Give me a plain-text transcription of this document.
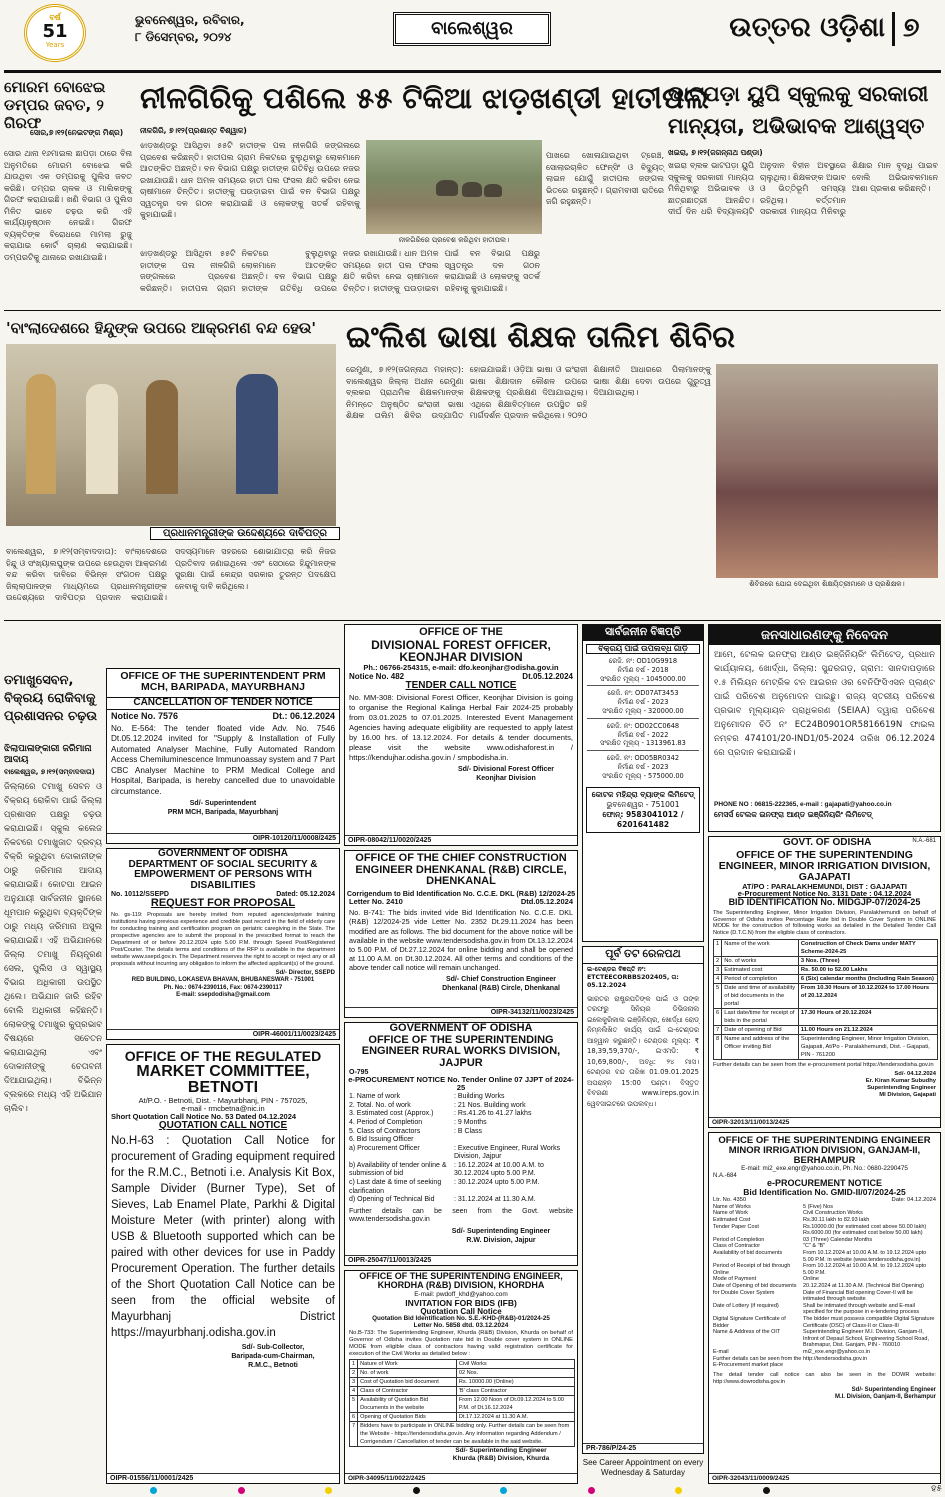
ବର୍ଷ
51
Years
ଭୁବନେଶ୍ୱର, ରବିବାର,
୮ ଡିସେମ୍ବର, ୨୦୨୪	ବାଲେଶ୍ୱର	ଉତ୍ତର ଓଡ଼ିଶା ୭
ମୋରମ ବୋଝେଇ ଡମ୍ପର ଜବତ, ୨ ଗିରଫ
ସୋର,୭।୧୨(ନେଇଟଙ୍ଗ ମିଶ୍ର)
ସୋର ଥାନା ୧୬ମାଇଲ ଛାପଡ଼ା ଠାରେ ବିନା ଅନୁମତିରେ ମୋରମ ବୋଝେଇ କରି ଯାଉଥିବା ଏକ ଡମ୍ପରକୁ ପୁଲିସ ଜବତ କରିଛି। ଡମ୍ପର ଚାଳକ ଓ ମାଲିକଙ୍କୁ ଗିରଫ କରାଯାଇଛି। ଖଣି ବିଭାଗ ଓ ପୁଲିସ ମିଳିତ ଭାବେ ଚଢ଼ଉ କରି ଏହି କାର୍ଯ୍ୟାନୁଷ୍ଠାନ ନେଇଛି। ଗିରଫ ବ୍ୟକ୍ତିଙ୍କ ବିରୋଧରେ ମାମଲା ରୁଜୁ କରାଯାଇ କୋର୍ଟ ଚାଲାଣ କରାଯାଇଛି। ଡମ୍ପରଟିକୁ ଥାନାରେ ରଖାଯାଇଛି।
ନୀଳଗିରିକୁ ପଶିଲେ ୫୫ ଟିକିଆ ଝାଡ଼ଖଣ୍ଡୀ ହାତୀପଲ
ନୀଳଗିରି, ୭।୧୨(ପ୍ରଶାନ୍ତ ବିଶ୍ୱାଳ)
ଝାଡ଼ଖଣ୍ଡରୁ ଆସିଥିବା ୫୫ଟି ହାତୀଙ୍କ ପଲ ନୀଳଗିରି ଜଙ୍ଗଲରେ ପ୍ରବେଶ କରିଛନ୍ତି। ହାତୀପଲ ଗ୍ରାମ ନିକଟରେ ବୁଲୁଥିବାରୁ ଲୋକମାନେ ଆତଙ୍କିତ ଅଛନ୍ତି। ବନ ବିଭାଗ ପକ୍ଷରୁ ହାତୀଙ୍କ ଗତିବିଧି ଉପରେ ନଜର ରଖାଯାଉଛି। ଧାନ ଅମଳ ସମୟରେ ହାତୀ ପଲ ଫସଲ କ୍ଷତି କରିବା ନେଇ ଚାଷୀମାନେ ଚିନ୍ତିତ। ହାତୀଙ୍କୁ ଘଉଡ଼ାଇବା ପାଇଁ ବନ ବିଭାଗ ପକ୍ଷରୁ ସ୍ୱତନ୍ତ୍ର ଦଳ ଗଠନ କରାଯାଇଛି ଓ ଲୋକଙ୍କୁ ସତର୍କ ରହିବାକୁ କୁହାଯାଇଛି।
ନୀଳଗିରିରେ ପ୍ରବେଶ କରିଥିବା ହାତୀପଲ।
ଝାଡ଼ଖଣ୍ଡରୁ ଆସିଥିବା ୫୫ଟି ହାତୀଙ୍କ ପଲ ନୀଳଗିରି ଜଙ୍ଗଲରେ ପ୍ରବେଶ କରିଛନ୍ତି। ହାତୀପଲ ଗ୍ରାମ ନିକଟରେ ବୁଲୁଥିବାରୁ ଲୋକମାନେ ଆତଙ୍କିତ ଅଛନ୍ତି। ବନ ବିଭାଗ ପକ୍ଷରୁ ହାତୀଙ୍କ ଗତିବିଧି ଉପରେ ନଜର ରଖାଯାଉଛି। ଧାନ ଅମଳ ସମୟରେ ହାତୀ ପଲ ଫସଲ କ୍ଷତି କରିବା ନେଇ ଚାଷୀମାନେ ଚିନ୍ତିତ। ହାତୀଙ୍କୁ ଘଉଡ଼ାଇବା ପାଇଁ ବନ ବିଭାଗ ପକ୍ଷରୁ ସ୍ୱତନ୍ତ୍ର ଦଳ ଗଠନ କରାଯାଇଛି ଓ ଲୋକଙ୍କୁ ସତର୍କ ରହିବାକୁ କୁହାଯାଇଛି।
ପାଖରେ ଖୋଳାଯାଇଥିବା ଟ୍ରେଞ୍ଚ, ସୋଲାରଚାଳିତ ଫେନ୍ସିଂ ଓ ବିଦ୍ୟୁତ୍ ଲାଇନ ଯୋଗୁଁ ହାତୀପଲ ଜଙ୍ଗଲ ଭିତରେ ରହୁଛନ୍ତି। ଗ୍ରାମବାସୀ ରାତିରେ ଜଗି ରହୁଛନ୍ତି।
ଭାଟପଡ଼ା ୟୁପି ସ୍କୁଲକୁ ସରକାରୀ ମାନ୍ୟତା, ଅଭିଭାବକ ଆଶ୍ୱସ୍ତ
ଖଇରା, ୭।୧୨(ଜଗନ୍ନାଥ ପଣ୍ଡା)
ଖଇରା ବ୍ଲକ ଭାଟପଡ଼ା ୟୁପି ସ୍କୁଲକୁ ସରକାରୀ ମାନ୍ୟତା ମିଳିଥିବାରୁ ଅଭିଭାବକ ଓ ଛାତ୍ରଛାତ୍ରୀ ଆନନ୍ଦିତ। ଦୀର୍ଘ ଦିନ ଧରି ବିଦ୍ୟାଳୟଟି ଅନୁଦାନ ବିହୀନ ଅବସ୍ଥାରେ ଚାଲୁଥିଲା। ଶିକ୍ଷକଙ୍କ ଅଭାବ ଓ ଭିତ୍ତିଭୂମି ସମସ୍ୟା ରହିଥିଲା। ବର୍ତ୍ତମାନ ସରକାରୀ ମାନ୍ୟତା ମିଳିବାରୁ ଶିକ୍ଷାର ମାନ ବୃଦ୍ଧି ପାଇବ ବୋଲି ଅଭିଭାବକମାନେ ଆଶା ପ୍ରକାଶ କରିଛନ୍ତି।
'ବାଂଲାଦେଶରେ ହିନ୍ଦୁଙ୍କ ଉପରେ ଆକ୍ରମଣ ବନ୍ଦ ହେଉ'
ପ୍ରଧାନମନ୍ତ୍ରୀଙ୍କ ଉଦ୍ଦେଶ୍ୟରେ ଦାବିପତ୍ର
ବାଲେଶ୍ୱର, ୭।୧୨(ସମ୍ବାଦଦାତା): ବାଂଲାଦେଶରେ ହିନ୍ଦୁ ଓ ସଂଖ୍ୟାଲଘୁଙ୍କ ଉପରେ ହେଉଥିବା ଆକ୍ରମଣ ବନ୍ଦ କରିବା ଦାବିରେ ବିଭିନ୍ନ ସଂଗଠନ ପକ୍ଷରୁ ଜିଲ୍ଲାପାଳଙ୍କ ମାଧ୍ୟମରେ ପ୍ରଧାନମନ୍ତ୍ରୀଙ୍କ ଉଦ୍ଦେଶ୍ୟରେ ଦାବିପତ୍ର ପ୍ରଦାନ କରାଯାଇଛି। ସଦସ୍ୟମାନେ ସହରରେ ଶୋଭାଯାତ୍ରା କରି ନିଜର ପ୍ରତିବାଦ ଜଣାଇଥିଲେ ଏବଂ ସେଠାରେ ହିନ୍ଦୁମାନଙ୍କ ସୁରକ୍ଷା ପାଇଁ କେନ୍ଦ୍ର ସରକାର ତୁରନ୍ତ ପଦକ୍ଷେପ ନେବାକୁ ଦାବି କରିଥିଲେ।
ଇଂଲିଶ ଭାଷା ଶିକ୍ଷକ ତାଲିମ ଶିବିର
ରେମୁଣା, ୭।୧୨(ଜଗନ୍ନାଥ ମହାନ୍ତ): ବାଲେଶ୍ୱର ଜିଲ୍ଲା ଅଧୀନ ରେମୁଣା ବ୍ଲକର ପ୍ରାଥମିକ ଶିକ୍ଷକମାନଙ୍କ ନିମନ୍ତେ ଅନୁଷ୍ଠିତ ଇଂରାଜୀ ଭାଷା ଶିକ୍ଷକ ତାଲିମ ଶିବିର ଉଦ୍‌ଯାପିତ ହୋଇଯାଇଛି। ଓଡ଼ିଆ ଭାଷା ଓ ଇଂରାଜୀ ଭାଷା ଶିକ୍ଷାଦାନ କୌଶଳ ଉପରେ ଶିକ୍ଷକଙ୍କୁ ପ୍ରଶିକ୍ଷଣ ଦିଆଯାଇଥିଲା। ଏଥିରେ ଶିକ୍ଷାବିତ୍‌ମାନେ ଉପସ୍ଥିତ ରହି ମାର୍ଗଦର୍ଶନ ପ୍ରଦାନ କରିଥିଲେ। ୨୦୨୦ ଶିକ୍ଷାନୀତି ଆଧାରରେ ପିଲାମାନଙ୍କୁ ଭାଷା ଶିକ୍ଷା ଦେବା ଉପରେ ଗୁରୁତ୍ୱ ଦିଆଯାଇଥିଲା।
ଶିବିରରେ ଯୋଗ ଦେଇଥିବା ଶିକ୍ଷୟିତ୍ରୀମାନେ ଓ ପ୍ରଶିକ୍ଷକ।
ତମାଖୁସେବନ, ବିକ୍ରୟ ରୋକିବାକୁ ପ୍ରଶାସନର ଚଢ଼ଉ
ଝିଲାପାଳାଙ୍କାରୀ ଜରିମାନା ଆଦାୟ
ବାଲେଶ୍ୱର, ୭।୧୨(ସମ୍ବାଦଦାତା)
ଜିଲ୍ଲାରେ ତମାଖୁ ସେବନ ଓ ବିକ୍ରୟ ରୋକିବା ପାଇଁ ଜିଲ୍ଲା ପ୍ରଶାସନ ପକ୍ଷରୁ ଚଢ଼ଉ କରାଯାଇଛି। ସ୍କୁଲ କଲେଜ ନିକଟରେ ତମାଖୁଜାତ ଦ୍ରବ୍ୟ ବିକ୍ରି କରୁଥିବା ଦୋକାନୀଙ୍କ ଠାରୁ ଜରିମାନା ଆଦାୟ କରାଯାଇଛି। କୋଟପା ଆଇନ ଅନୁଯାୟୀ ସାର୍ବଜନୀନ ସ୍ଥାନରେ ଧୂମପାନ କରୁଥିବା ବ୍ୟକ୍ତିଙ୍କ ଠାରୁ ମଧ୍ୟ ଜରିମାନା ଅସୁଲ କରାଯାଇଛି। ଏହି ଅଭିଯାନରେ ଜିଲ୍ଲା ତମାଖୁ ନିୟନ୍ତ୍ରଣ ସେଲ, ପୁଲିସ ଓ ସ୍ୱାସ୍ଥ୍ୟ ବିଭାଗ ଅଧିକାରୀ ଉପସ୍ଥିତ ଥିଲେ। ଅଭିଯାନ ଜାରି ରହିବ ବୋଲି ଅଧିକାରୀ କହିଛନ୍ତି। ଲୋକଙ୍କୁ ତମାଖୁର କୁପ୍ରଭାବ ବିଷୟରେ ସଚେତନ କରାଯାଇଥିଲା ଏବଂ ଦୋକାନୀଙ୍କୁ ଚେତାବନୀ ଦିଆଯାଇଥିଲା। ବିଭିନ୍ନ ବ୍ଲକରେ ମଧ୍ୟ ଏହି ଅଭିଯାନ ଚାଲିବ।
OFFICE OF THE SUPERINTENDENT PRM MCH, BARIPADA, MAYURBHANJ
CANCELLATION OF TENDER NOTICE
Notice No. 7576	Dt.: 06.12.2024
No. E-564: The tender floated vide Adv. No. 7546 Dt.05.12.2024 invited for "Supply & Installation of Fully Automated Analyser Machine, Fully Automated Random Access Chemiluminescence Immunoassay system and 7 Part CBC Analyser Machine to PRM Medical College and Hospital, Baripada, is hereby cancelled due to unavoidable circumstance.
Sd/- Superintendent
PRM MCH, Baripada, Mayurbhanj
OIPR-10120/11/0008/2425
GOVERNMENT OF ODISHA
DEPARTMENT OF SOCIAL SECURITY & EMPOWERMENT OF PERSONS WITH DISABILITIES
No. 10112/SSEPD	Dated: 05.12.2024
REQUEST FOR PROPOSAL
No. gs-119: Proposals are hereby invited from reputed agencies/private training institutions having previous experience and credible past record in the field of elderly care for conducting training and certification program on geriatric caregiving in the State. The prospective agencies are to submit the proposal in the prescribed format to reach the Department of or before 20.12.2024 upto 5.00 P.M. through Speed Post/Registered Post/Courier. The details terms and conditions of the RFP is available in the department website www.ssepd.gov.in. The Department reserves the right to accept or reject any or all proposals without incurring any obligation to inform the affected applicant(s) of the ground.
Sd/- Director, SSEPD
RED BUILDING, LOKASEVA BHAVAN, BHUBANESWAR - 751001
Ph. No.: 0674-2390116, Fax: 0674-2390117
E-mail: ssepdodisha@gmail.com
OIPR-46001/11/0023/2425
OFFICE OF THE REGULATED
MARKET COMMITTEE, BETNOTI
At/P.O. - Betnoti, Dist. - Mayurbhanj, PIN - 757025,
e-mail - rmcbetna@nic.in
Short Quotation Call Notice No. 53 Dated 04.12.2024
QUOTATION CALL NOTICE
No.H-63 : Quotation Call Notice for procurement of Grading equipment required for the R.M.C., Betnoti i.e. Analysis Kit Box, Sample Divider (Burner Type), Set of Sieves, Lab Enamel Plate, Parkhi & Digital Moisture Meter (with printer) along with USB & Bluetooth supported which can be paired with other devices for use in Paddy Procurement Operation. The further details of the Short Quotation Call Notice can be seen from the official website of Mayurbhanj District https://mayurbhanj.odisha.gov.in
Sd/- Sub-Collector,
Baripada-cum-Chairman,
R.M.C., Betnoti
OIPR-01556/11/0001/2425
OFFICE OF THE
DIVISIONAL FOREST OFFICER, KEONJHAR DIVISION
Ph.: 06766-254315, e-mail: dfo.keonjhar@odisha.gov.in
Notice No. 482	Dt.05.12.2024
TENDER CALL NOTICE
No. MM-308: Divisional Forest Officer, Keonjhar Division is going to organise the Regional Kalinga Herbal Fair 2024-25 probably from 03.01.2025 to 07.01.2025. Interested Event Management Agencies having adequate eligibility are requested to apply latest by 16.00 hrs. of 13.12.2024. For details & tender documents, please visit the website www.odishaforest.in / https://kendujhar.odisha.gov.in / smpbodisha.in.
Sd/- Divisional Forest Officer
Keonjhar Division
OIPR-08042/11/0020/2425
OFFICE OF THE CHIEF CONSTRUCTION ENGINEER DHENKANAL (R&B) CIRCLE, DHENKANAL
Corrigendum to Bid Identification No. C.C.E. DKL (R&B) 12/2024-25
Letter No. 2410	Dtd.05.12.2024
No. B-741: The bids invited vide Bid Identification No. C.C.E. DKL (R&B) 12/2024-25 vide Letter No. 2352 Dt.29.11.2024 has been modified are as follows. The bid document for the above notice will be available in the website www.tendersodisha.gov.in from Dt.13.12.2024 to 5.00 P.M. of Dt.27.12.2024 for online bidding and shall be opened at 11.00 A.M. on Dt.30.12.2024. All other terms and conditions of the above tender call notice will remain unchanged.
Sd/- Chief Construction Engineer
Dhenkanal (R&B) Circle, Dhenkanal
OIPR-34132/11/0023/2425
GOVERNMENT OF ODISHA
OFFICE OF THE SUPERINTENDING ENGINEER RURAL WORKS DIVISION, JAJPUR
O-795
e-PROCUREMENT NOTICE No. Tender Online 07 JJPT of 2024-25
1. Name of work	: Building Works
2. Total. No. of work	: 21 Nos. Building work
3. Estimated cost (Approx.)	: Rs.41.26 to 41.27 lakhs
4. Period of Completion	: 9 Months
5. Class of Contractors	: B Class
6. Bid Issuing Officer
a) Procurement Officer	: Executive Engineer, Rural Works Division, Jajpur
b) Availability of tender online & submission of bid
: 16.12.2024 at 10.00 A.M. to 30.12.2024 upto 5.00 P.M.
c) Last date & time of seeking clarification
: 30.12.2024 upto 5.00 P.M.
d) Opening of Technical Bid	: 31.12.2024 at 11.30 A.M.
Further details can be seen from the Govt. website www.tendersodisha.gov.in
Sd/- Superintending Engineer
R.W. Division, Jajpur
OIPR-25047/11/0013/2425
OFFICE OF THE SUPERINTENDING ENGINEER, KHORDHA (R&B) DIVISION, KHORDHA
E-mail: pwdoff_khd@yahoo.com
INVITATION FOR BIDS (IFB)
Quotation Call Notice
Quotation Bid Identification No. S.E.-KHD-(R&B)-01/2024-25
Letter No. 5858 dtd. 03.12.2024
No.B-733: The Superintending Engineer, Khurda (R&B) Division, Khurda on behalf of Governor of Odisha invites Quotation rate bid in Double cover system in ONLINE MODE from eligible class of contractors having valid registration certificate for execution of the Civil Works as detailed below :
1	Nature of Work	Civil Works
2	No. of work	02 Nos.
3	Cost of Quotation bid document	Rs. 10000.00 (Online)
4	Class of Contractor	'B' class Contractor
5	Availability of Quotation Bid Documents in the website	From 12.00 Noon of Dt.09.12.2024 to 5.00 P.M. of Dt.16.12.2024
6	Opening of Quotation Bids	Dt.17.12.2024 at 11.30 A.M.
7	Bidders have to participate in ONLINE bidding only. Further details can be seen from the Website - https://tendersodisha.gov.in. Any information regarding Addendum / Corrigendum / Cancellation of tender can be available in the said website.	
Sd/- Superintending Engineer
Khurda (R&B) Division, Khurda
OIPR-34095/11/0022/2425
ସାର୍ବଜନୀନ ବିଜ୍ଞପ୍ତି
ବିକ୍ରୟ ପାଇଁ ଉପଲବ୍ଧ ଗାଡ଼ି
ରେଜି. ନଂ: OD10G9918
ନିର୍ମାଣ ବର୍ଷ - 2018
ସଂରକ୍ଷିତ ମୂଲ୍ୟ - 1045000.00
ରେଜି. ନଂ: OD07AT3453
ନିର୍ମାଣ ବର୍ଷ - 2023
ସଂରକ୍ଷିତ ମୂଲ୍ୟ - 320000.00
ରେଜି. ନଂ: OD02CC0648
ନିର୍ମାଣ ବର୍ଷ - 2022
ସଂରକ୍ଷିତ ମୂଲ୍ୟ - 1313961.83
ରେଜି. ନଂ: OD05BR0342
ନିର୍ମାଣ ବର୍ଷ - 2023
ସଂରକ୍ଷିତ ମୂଲ୍ୟ - 575000.00
କୋଟକ ମହିନ୍ଦ୍ରା ବ୍ୟାଙ୍କ ଲିମିଟେଡ୍
ଭୁବନେଶ୍ୱର - 751001
ଫୋନ୍: 9583041012 / 6201641482
ପୂର୍ବ ତଟ ରେଳପଥ
ଇ-ଟେଣ୍ଡର ବିଜ୍ଞପ୍ତି ନଂ: ETCTEECORBBS202405, ତା: 05.12.2024
ଭାରତର ରାଷ୍ଟ୍ରପତିଙ୍କ ପାଇଁ ଓ ତାଙ୍କ ତରଫରୁ ସିନିୟର ଡିଭିଜନାଲ ଇଲେକ୍ଟ୍ରିକାଲ ଇଞ୍ଜିନିୟର, ଖୋର୍ଦ୍ଧା ରୋଡ୍ ନିମ୍ନଲିଖିତ କାର୍ଯ୍ୟ ପାଇଁ ଇ-ଟେଣ୍ଡର ଆହ୍ୱାନ କରୁଛନ୍ତି। ଟେଣ୍ଡର ମୂଲ୍ୟ: ₹ 18,39,59,370/-, ଇଏମଡି: ₹ 10,69,800/-, ଅବଧି: ୨୪ ମାସ। ଟେଣ୍ଡର ବନ୍ଦ ତାରିଖ 01.09.01.2025 ଅପରାହ୍ନ 15:00 ଘଣ୍ଟା। ବିସ୍ତୃତ ବିବରଣୀ www.ireps.gov.in ୱେବସାଇଟରେ ଉପଲବ୍ଧ।
PR-786/P/24-25
See Career Appointment on every Wednesday & Saturday
ଜନସାଧାରଣଙ୍କୁ ନିବେଦନ
ଆମେ, ଟେଲକ ଇନଫ୍ରା ଆଣ୍ଡ ଇଞ୍ଜିନିୟରିଂ ଲିମିଟେଡ୍, ପ୍ରଧାନ କାର୍ଯ୍ୟାଳୟ, ଖୋର୍ଦ୍ଧା, ଜିଲ୍ଲା: ସୁନ୍ଦରଗଡ଼, ଗ୍ରାମ: ସାନଦାପଡ଼ାରେ ୧.୫ ମିଲିୟନ ମେଟ୍ରିକ ଟନ ଆଇରନ ଓର ବେନିଫିସିଏସନ ପ୍ଲାଣ୍ଟ ପାଇଁ ପରିବେଶ ଅନୁମୋଦନ ପାଇଛୁ। ରାଜ୍ୟ ସ୍ତରୀୟ ପରିବେଶ ପ୍ରଭାବ ମୂଲ୍ୟାୟନ ପ୍ରାଧିକରଣ (SEIAA) ଦ୍ୱାରା ପରିବେଶ ଅନୁମୋଦନ ଚିଠି ନଂ EC24B0901OR5816619N ଫାଇଲ ନମ୍ବର 474101/20-IND1/05-2024 ତାରିଖ 06.12.2024 ରେ ପ୍ରଦାନ କରାଯାଇଛି।
PHONE NO : 06815-222365, e-mail : gajapati@yahoo.co.in
ମେସର୍ସ ଟେଲକ ଇନଫ୍ରା ଆଣ୍ଡ ଇଞ୍ଜିନିୟରିଂ ଲିମିଟେଡ୍
GOVT. OF ODISHA	N.A.-681
OFFICE OF THE SUPERINTENDING ENGINEER, MINOR IRRIGATION DIVISION, GAJAPATI
AT/PO : PARALAKHEMUNDI, DIST : GAJAPATI
e-Procurement Notice No. 3131 Date : 04.12.2024
BID IDENTIFICATION No. MIDGJP-07/2024-25
The Superintending Engineer, Minor Irrigation Division, Paralakhemundi on behalf of Governor of Odisha invites Percentage Rate bid in Double Cover System in ONLINE MODE for the construction of following works as detailed in the Detailed Tender Call Notice (D.T.C.N) from the eligible class of contractors.
1	Name of the work	Construction of Check Dams under MATY Scheme-2024-25
2	No. of works	3 Nos. (Three)
3	Estimated cost	Rs. 50.00 to 52.00 Lakhs
4	Period of completion	6 (Six) calendar months (Including Rain Season)
5	Date and time of availability of bid documents in the portal	From 10.30 Hours of 10.12.2024 to 17.00 Hours of 20.12.2024
6	Last date/time for receipt of bids in the portal	17.30 Hours of 20.12.2024
7	Date of opening of Bid	11.00 Hours on 21.12.2024
8	Name and address of the Officer inviting Bid	Superintending Engineer, Minor Irrigation Division, Gajapati, At/Po - Paralakhemundi, Dist. - Gajapati, PIN - 761200
Further details can be seen from the e-procurement portal https://tendersodisha.gov.in
Sd/- 04.12.2024
Er. Kiran Kumar Subudhy
Superintending Engineer
MI Division, Gajapati
OIPR-32013/11/0013/2425
OFFICE OF THE SUPERINTENDING ENGINEER MINOR IRRIGATION DIVISION, GANJAM-II, BERHAMPUR
E-mail: mi2_exe.engr@yahoo.co.in, Ph. No.: 0680-2290475
N.A.-684
e-PROCUREMENT NOTICE
Bid Identification No. GMID-II/07/2024-25
Ltr. No. 4350	Date: 04.12.2024
Name of Works	5 (Five) Nos
Name of Work	Civil Construction Works
Estimated Cost	Rs.30.11 lakh to 82.93 lakh
Tender Paper Cost	Rs.10000.00 (for estimated cost above 50.00 lakh) Rs.6000.00 (for estimated cost below 50.00 lakh)
Period of Completion	03 (Three) Calendar Months
Class of Contractor	"C" & "B"
Availability of bid documents	From 10.12.2024 at 10.00 A.M. to 19.12.2024 upto 5.00 P.M. in website (www.tendersodisha.gov.in)
Period of Receipt of bid through Online
From 10.12.2024 at 10.00 A.M. to 19.12.2024 upto 5.00 P.M.
Mode of Payment	Online
Date of Opening of bid documents for Double Cover System
20.12.2024 at 11.30 A.M. (Technical Bid Opening) Date of Financial Bid opening Cover-II will be intimated through website
Date of Lottery (if required)	Shall be intimated through website and E-mail specified for the purpose in e-tendering process
Digital Signature Certificate of Bidder
The bidder must possess compatible Digital Signature Certificate (DSC) of Class-II or Class-III
Name & Address of the OIT	Superintending Engineer M.I. Division, Ganjam-II, Infront of Depaul School, Engineering School Road, Brahmapur, Dist. Ganjam, PIN - 760010
E-mail	mi2_exe.engr@yahoo.co.in
Further details can be seen from the E-Procurement market place
http://tendersodisha.gov.in
The detail tender call notice can also be seen in the DOWR website: http://www.dowrodisha.gov.in
Sd/- Superintending Engineer
M.I. Division, Ganjam-II, Berhampur
OIPR-32043/11/0009/2425
ହ୫
